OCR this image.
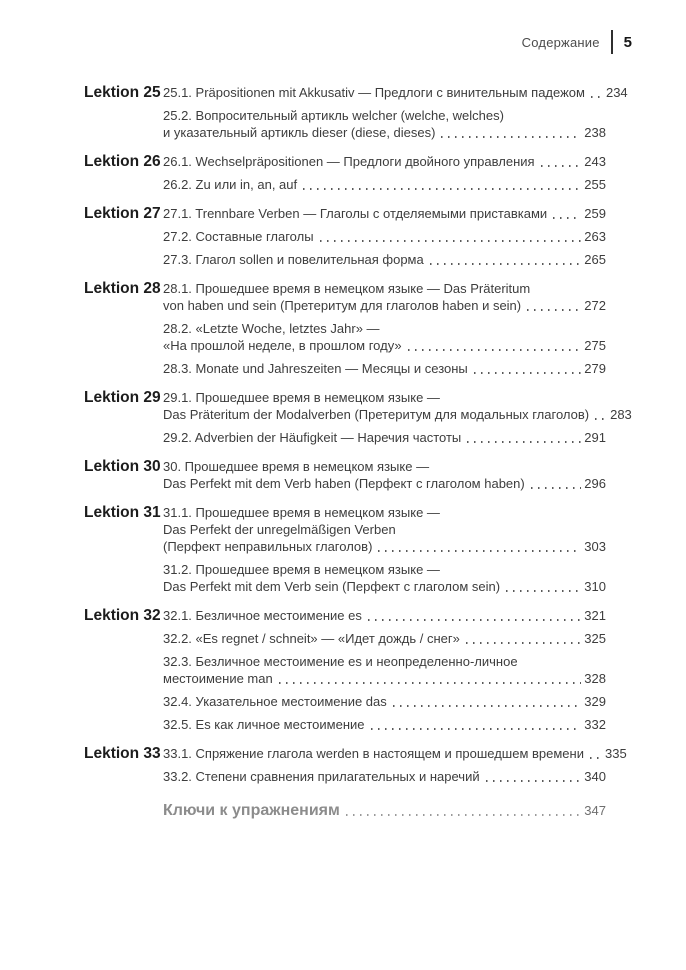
Содержание 5
Lektion 25 25.1. Präpositionen mit Akkusativ — Предлоги с винительным падежом 234
25.2. Вопросительный артикль welcher (welche, welches)
и указательный артикль dieser (diese, dieses)	238
Lektion 26 26.1. Wechselpräpositionen — Предлоги двойного управления	243
26.2. Zu или in, an, auf	255
Lektion 27 27.1. Trennbare Verben — Глаголы с отделяемыми приставками	259
27.2. Составные глаголы	263
27.3. Глагол sollen и повелительная форма	265
Lektion 28 28.1. Прошедшее время в немецком языке — Das Präteritum
von haben und sein (Претеритум для глаголов haben и sein)	272
28.2. «Letzte Woche, letztes Jahr» —
«На прошлой неделе, в прошлом году»	275
28.3. Monate und Jahreszeiten — Месяцы и сезоны	279
Lektion 29 29.1. Прошедшее время в немецком языке —
Das Präteritum der Modalverben (Претеритум для модальных глаголов) 283
29.2. Adverbien der Häufigkeit — Наречия частоты	291
Lektion 30 30. Прошедшее время в немецком языке —
Das Perfekt mit dem Verb haben (Перфект с глаголом haben)	296
Lektion 31 31.1. Прошедшее время в немецком языке —
Das Perfekt der unregelmäßigen Verben
(Перфект неправильных глаголов)	303
31.2. Прошедшее время в немецком языке —
Das Perfekt mit dem Verb sein (Перфект с глаголом sein)	310
Lektion 32 32.1. Безличное местоимение es	321
32.2. «Es regnet / schneit» — «Идет дождь / снег»	325
32.3. Безличное местоимение es и неопределенно-личное
местоимение man	328
32.4. Указательное местоимение das	329
32.5. Es как личное местоимение	332
Lektion 33 33.1. Спряжение глагола werden в настоящем и прошедшем времени 335
33.2. Степени сравнения прилагательных и наречий	340
Ключи к упражнениям	347
